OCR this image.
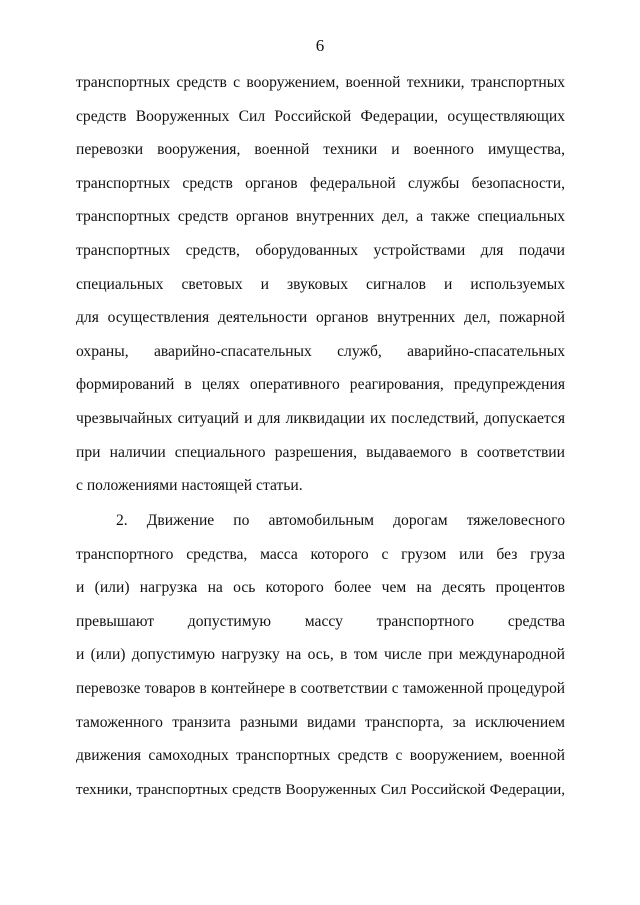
6
транспортных средств с вооружением, военной техники, транспортных
средств Вооруженных Сил Российской Федерации, осуществляющих
перевозки вооружения, военной техники и военного имущества,
транспортных средств органов федеральной службы безопасности,
транспортных средств органов внутренних дел, а также специальных
транспортных средств, оборудованных устройствами для подачи
специальных световых и звуковых сигналов и используемых
для осуществления деятельности органов внутренних дел, пожарной
охраны, аварийно-спасательных служб, аварийно-спасательных
формирований в целях оперативного реагирования, предупреждения
чрезвычайных ситуаций и для ликвидации их последствий, допускается
при наличии специального разрешения, выдаваемого в соответствии
с положениями настоящей статьи.
2. Движение по автомобильным дорогам тяжеловесного
транспортного средства, масса которого с грузом или без груза
и (или) нагрузка на ось которого более чем на десять процентов
превышают допустимую массу транспортного средства
и (или) допустимую нагрузку на ось, в том числе при международной
перевозке товаров в контейнере в соответствии с таможенной процедурой
таможенного транзита разными видами транспорта, за исключением
движения самоходных транспортных средств с вооружением, военной
техники, транспортных средств Вооруженных Сил Российской Федерации,
